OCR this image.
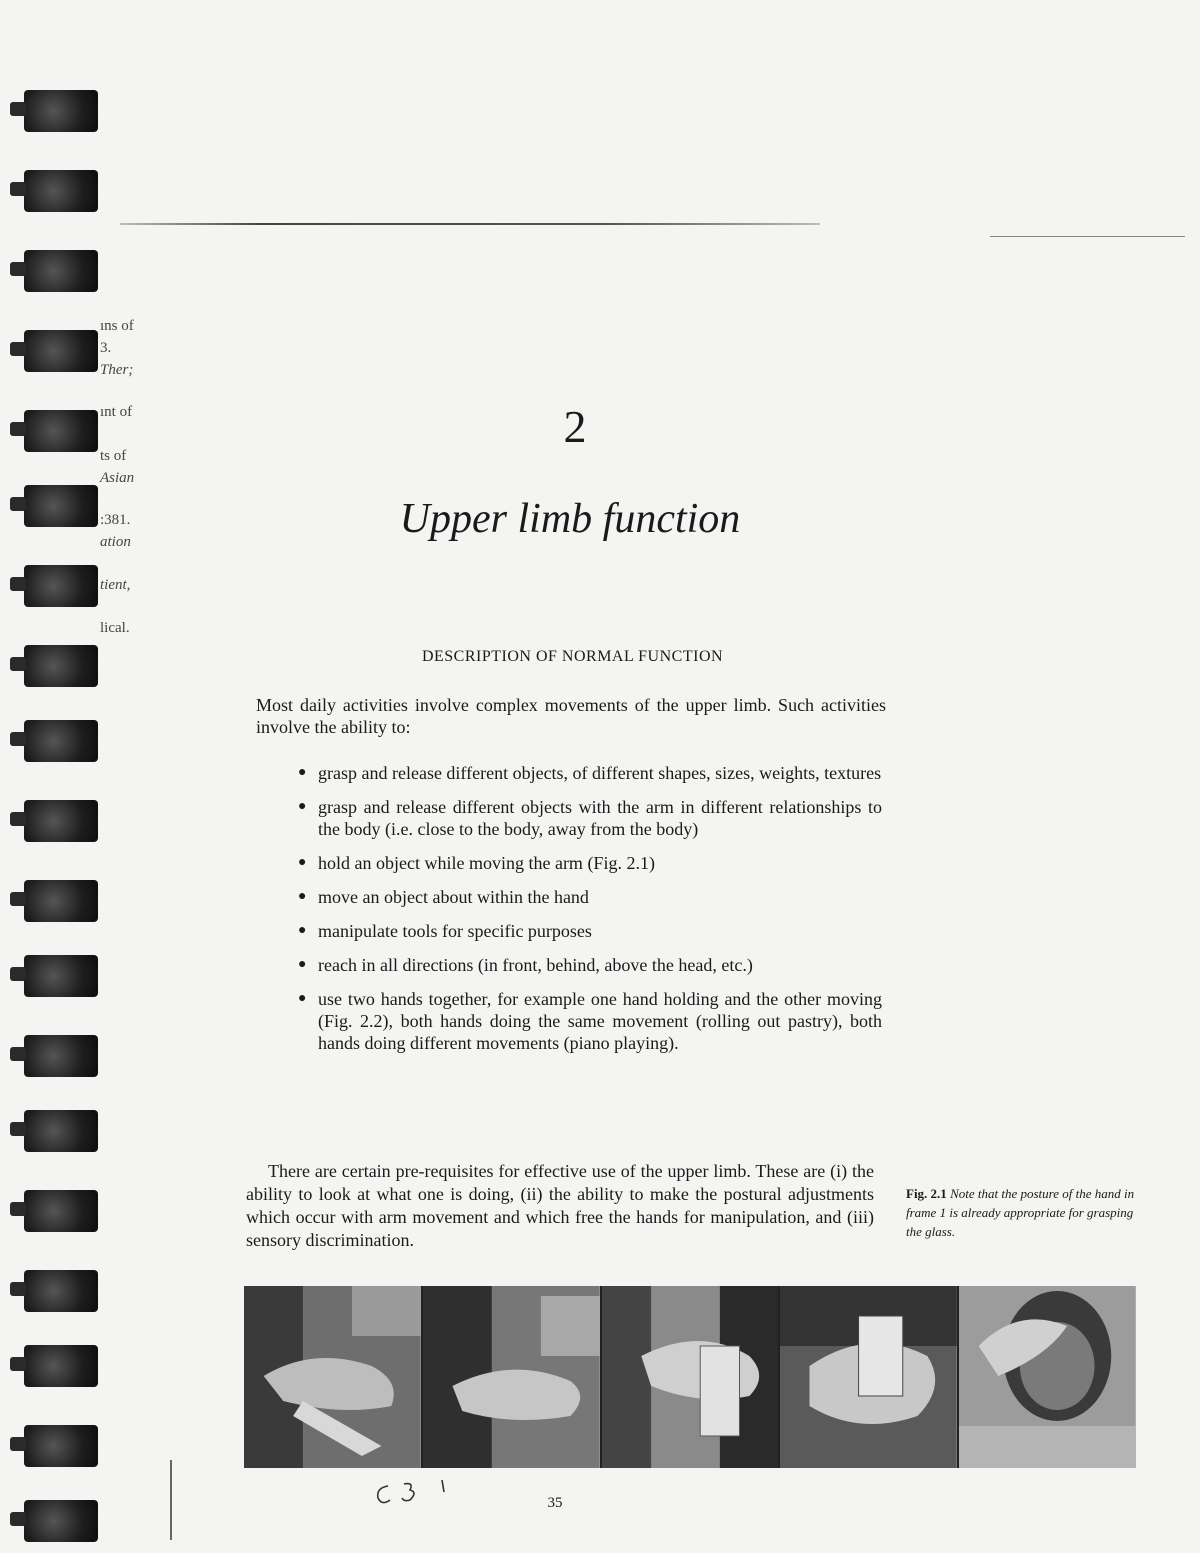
ıns of
3.
Ther;
ınt of
ts of
Asian
:381.
ation
tient,
lical.
2
Upper limb function
DESCRIPTION OF NORMAL FUNCTION
Most daily activities involve complex movements of the upper limb. Such activities involve the ability to:
● grasp and release different objects, of different shapes, sizes, weights, textures
● grasp and release different objects with the arm in different relationships to the body (i.e. close to the body, away from the body)
● hold an object while moving the arm (Fig. 2.1)
● move an object about within the hand
● manipulate tools for specific purposes
● reach in all directions (in front, behind, above the head, etc.)
● use two hands together, for example one hand holding and the other moving (Fig. 2.2), both hands doing the same movement (rolling out pastry), both hands doing different movements (piano playing).
There are certain pre-requisites for effective use of the upper limb. These are (i) the ability to look at what one is doing, (ii) the ability to make the postural adjustments which occur with arm movement and which free the hands for manipulation, and (iii) sensory discrimination.
Fig. 2.1 Note that the posture of the hand in frame 1 is already appropriate for grasping the glass.
35
